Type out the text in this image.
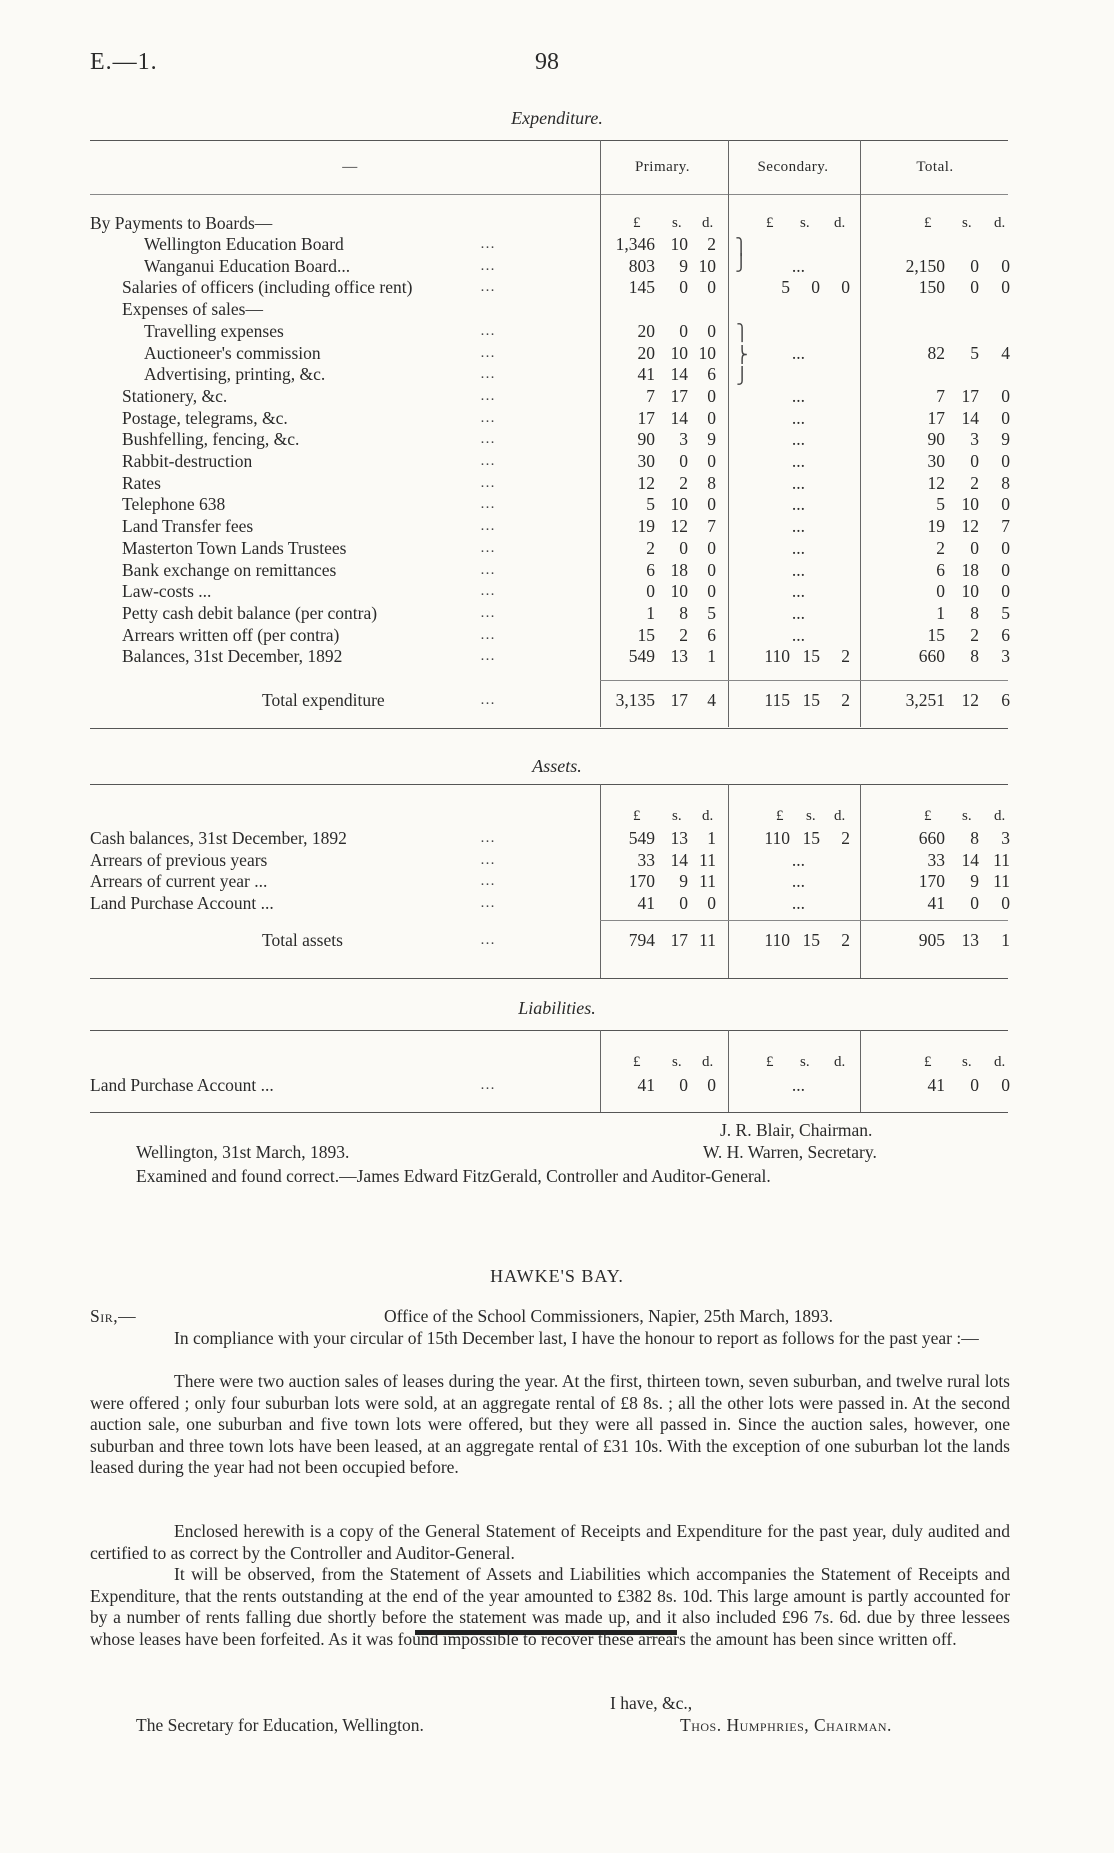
E.—1.	98
Expenditure.
—	Primary.	Secondary.	Total.
By Payments to Boards—	£ s. d.	£ s. d.	£ s. d.
Wellington Education Board	…	1,346 10 2
Wanganui Education Board...	…	803 9 10	...	2,150 0 0
Salaries of officers (including office rent)	…	145 0 0	5 0 0	150 0 0
Expenses of sales—
Travelling expenses	…	20 0 0
Auctioneer's commission	…	20 10 10	...	82 5 4
Advertising, printing, &c.	…	41 14 6
Stationery, &c.	…	7 17 0	...	7 17 0
Postage, telegrams, &c.	…	17 14 0	...	17 14 0
Bushfelling, fencing, &c.	…	90 3 9	...	90 3 9
Rabbit-destruction	…	30 0 0	...	30 0 0
Rates	…	12 2 8	...	12 2 8
Telephone 638	…	5 10 0	...	5 10 0
Land Transfer fees	…	19 12 7	...	19 12 7
Masterton Town Lands Trustees	…	2 0 0	...	2 0 0
Bank exchange on remittances	…	6 18 0	...	6 18 0
Law-costs ...	…	0 10 0	...	0 10 0
Petty cash debit balance (per contra)	…	1 8 5	...	1 8 5
Arrears written off (per contra)	…	15 2 6	...	15 2 6
Balances, 31st December, 1892	…	549 13 1	110 15 2	660 8 3
⎫
⎭
⎫
⎬
⎭
Total expenditure	…	3,135 17 4	115 15 2	3,251 12 6
Assets.
£ s. d.	£ s. d.	£ s. d.
Cash balances, 31st December, 1892	…	549 13 1	110 15 2	660 8 3
Arrears of previous years	…	33 14 11	...	33 14 11
Arrears of current year ...	…	170 9 11	...	170 9 11
Land Purchase Account ...	…	41 0 0	...	41 0 0
Total assets	…	794 17 11	110 15 2	905 13 1
Liabilities.
£ s. d.	£ s. d.	£ s. d.
Land Purchase Account ...	…	41 0 0	...	41 0 0
J. R. Blair, Chairman.
Wellington, 31st March, 1893.	W. H. Warren, Secretary.
Examined and found correct.—James Edward FitzGerald, Controller and Auditor-General.
HAWKE'S BAY.
Sir,—	Office of the School Commissioners, Napier, 25th March, 1893.
In compliance with your circular of 15th December last, I have the honour to report as follows for the past year :—
There were two auction sales of leases during the year. At the first, thirteen town, seven suburban, and twelve rural lots were offered ; only four suburban lots were sold, at an aggregate rental of £8 8s. ; all the other lots were passed in. At the second auction sale, one suburban and five town lots were offered, but they were all passed in. Since the auction sales, however, one suburban and three town lots have been leased, at an aggregate rental of £31 10s. With the exception of one suburban lot the lands leased during the year had not been occupied before.
Enclosed herewith is a copy of the General Statement of Receipts and Expenditure for the past year, duly audited and certified to as correct by the Controller and Auditor-General.
It will be observed, from the Statement of Assets and Liabilities which accompanies the Statement of Receipts and Expenditure, that the rents outstanding at the end of the year amounted to £382 8s. 10d. This large amount is partly accounted for by a number of rents falling due shortly before the statement was made up, and it also included £96 7s. 6d. due by three lessees whose leases have been forfeited. As it was found impossible to recover these arrears the amount has been since written off.
I have, &c.,
The Secretary for Education, Wellington.	Thos. Humphries, Chairman.
